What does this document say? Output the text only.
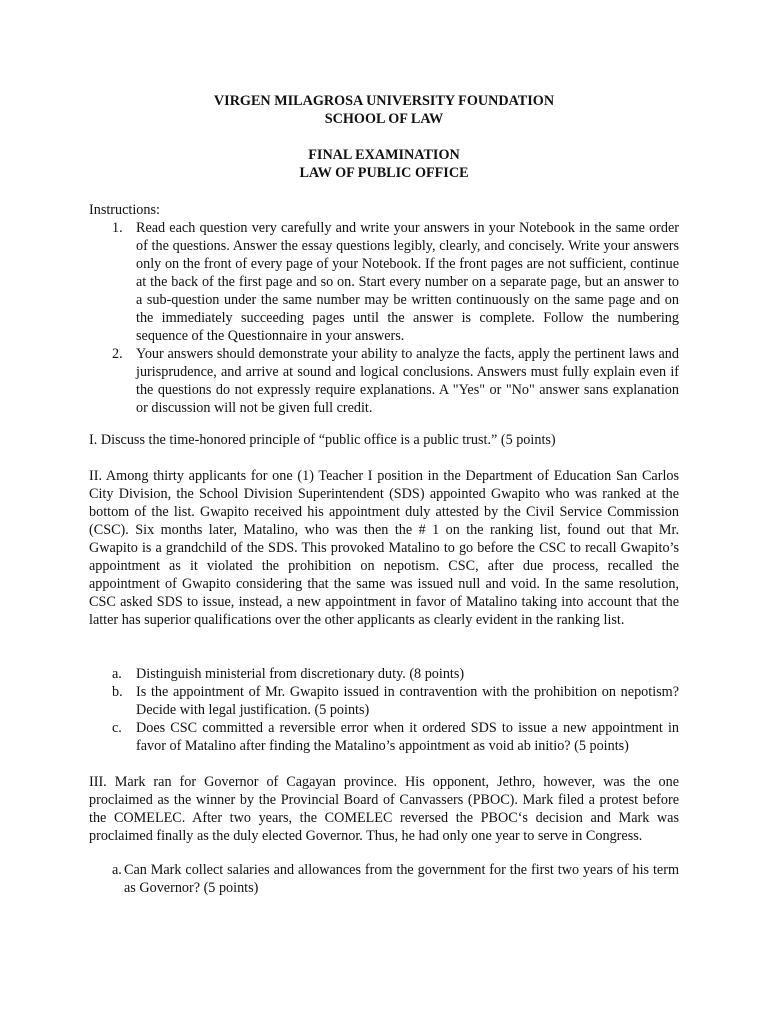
VIRGEN MILAGROSA UNIVERSITY FOUNDATION
SCHOOL OF LAW
FINAL EXAMINATION
LAW OF PUBLIC OFFICE
Instructions:
1. Read each question very carefully and write your answers in your Notebook in the same order of the questions. Answer the essay questions legibly, clearly, and concisely. Write your answers only on the front of every page of your Notebook. If the front pages are not sufficient, continue at the back of the first page and so on. Start every number on a separate page, but an answer to a sub-question under the same number may be written continuously on the same page and on the immediately succeeding pages until the answer is complete. Follow the numbering sequence of the Questionnaire in your answers.
2. Your answers should demonstrate your ability to analyze the facts, apply the pertinent laws and jurisprudence, and arrive at sound and logical conclusions. Answers must fully explain even if the questions do not expressly require explanations. A "Yes" or "No" answer sans explanation or discussion will not be given full credit.
I. Discuss the time-honored principle of “public office is a public trust.” (5 points)
II. Among thirty applicants for one (1) Teacher I position in the Department of Education San Carlos City Division, the School Division Superintendent (SDS) appointed Gwapito who was ranked at the bottom of the list. Gwapito received his appointment duly attested by the Civil Service Commission (CSC). Six months later, Matalino, who was then the # 1 on the ranking list, found out that Mr. Gwapito is a grandchild of the SDS. This provoked Matalino to go before the CSC to recall Gwapito’s appointment as it violated the prohibition on nepotism. CSC, after due process, recalled the appointment of Gwapito considering that the same was issued null and void. In the same resolution, CSC asked SDS to issue, instead, a new appointment in favor of Matalino taking into account that the latter has superior qualifications over the other applicants as clearly evident in the ranking list.
a. Distinguish ministerial from discretionary duty. (8 points)
b. Is the appointment of Mr. Gwapito issued in contravention with the prohibition on nepotism? Decide with legal justification. (5 points)
c. Does CSC committed a reversible error when it ordered SDS to issue a new appointment in favor of Matalino after finding the Matalino’s appointment as void ab initio? (5 points)
III. Mark ran for Governor of Cagayan province. His opponent, Jethro, however, was the one proclaimed as the winner by the Provincial Board of Canvassers (PBOC). Mark filed a protest before the COMELEC. After two years, the COMELEC reversed the PBOC‘s decision and Mark was proclaimed finally as the duly elected Governor. Thus, he had only one year to serve in Congress.
a. Can Mark collect salaries and allowances from the government for the first two years of his term as Governor? (5 points)
